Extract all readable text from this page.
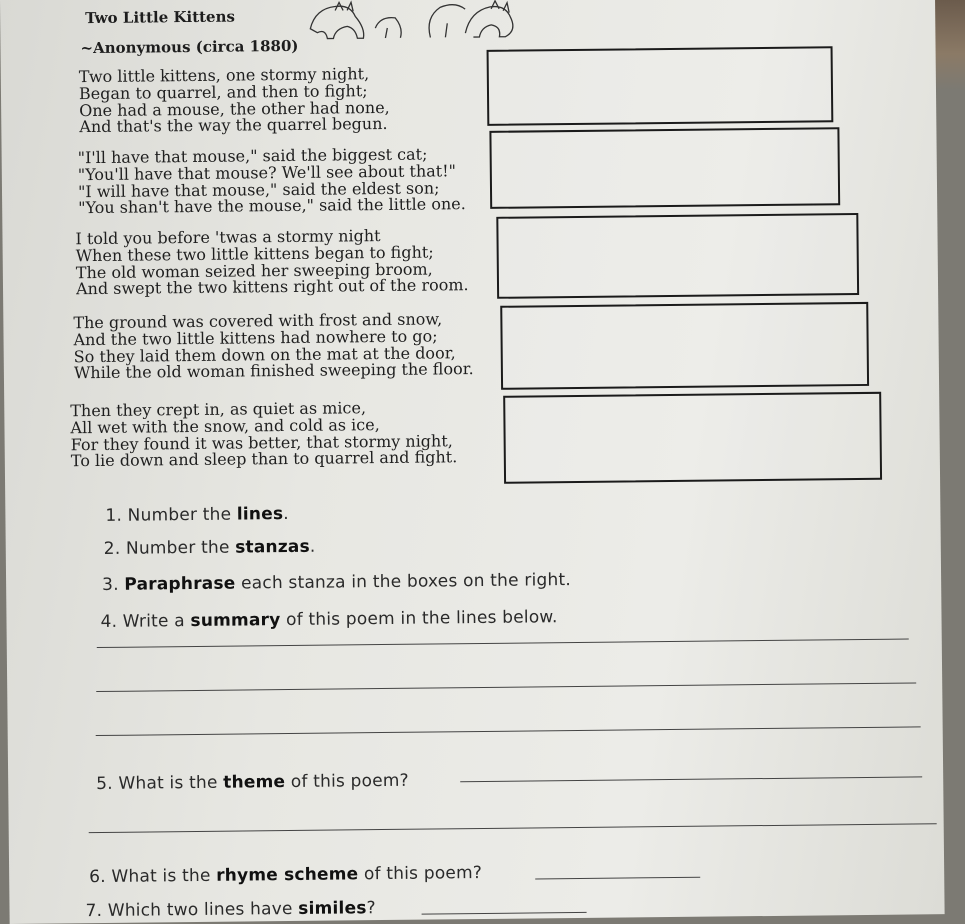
Two Little Kittens
~Anonymous (circa 1880)
Two little kittens, one stormy night,
Began to quarrel, and then to fight;
One had a mouse, the other had none,
And that's the way the quarrel begun.
"I'll have that mouse," said the biggest cat;
"You'll have that mouse? We'll see about that!"
"I will have that mouse," said the eldest son;
"You shan't have the mouse," said the little one.
I told you before 'twas a stormy night
When these two little kittens began to fight;
The old woman seized her sweeping broom,
And swept the two kittens right out of the room.
The ground was covered with frost and snow,
And the two little kittens had nowhere to go;
So they laid them down on the mat at the door,
While the old woman finished sweeping the floor.
Then they crept in, as quiet as mice,
All wet with the snow, and cold as ice,
For they found it was better, that stormy night,
To lie down and sleep than to quarrel and fight.
1. Number the lines.
2. Number the stanzas.
3. Paraphrase each stanza in the boxes on the right.
4. Write a summary of this poem in the lines below.
5. What is the theme of this poem?
6. What is the rhyme scheme of this poem?
7. Which two lines have similes?
